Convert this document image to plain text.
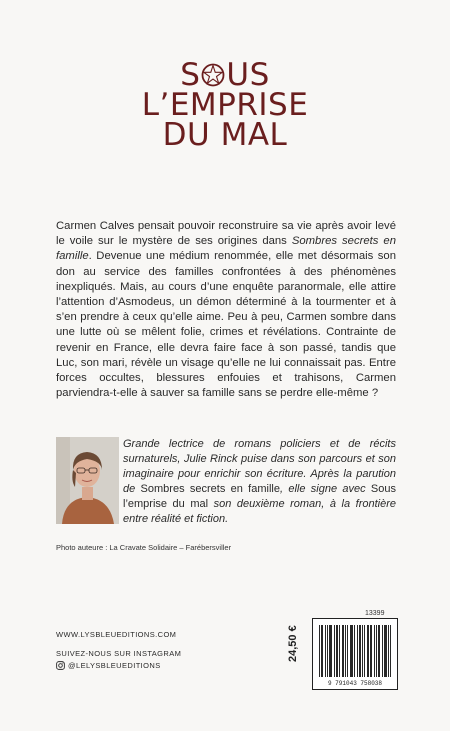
S US
L’EMPRISE
DU MAL

Carmen Calves pensait pouvoir reconstruire sa vie après avoir levé le voile sur le mystère de ses origines dans Sombres secrets en famille. Devenue une médium renommée, elle met désormais son don au service des familles confrontées à des phénomènes inexpliqués. Mais, au cours d’une enquête paranormale, elle attire l’attention d’Asmodeus, un démon déterminé à la tourmenter et à s’en prendre à ceux qu’elle aime. Peu à peu, Carmen sombre dans une lutte où se mêlent folie, crimes et révélations. Contrainte de revenir en France, elle devra faire face à son passé, tandis que Luc, son mari, révèle un visage qu’elle ne lui connaissait pas. Entre forces occultes, blessures enfouies et trahisons, Carmen parviendra-t-elle à sauver sa famille sans se perdre elle-même ?

Grande lectrice de romans policiers et de récits surnaturels, Julie Rinck puise dans son parcours et son imaginaire pour enrichir son écriture. Après la parution de Sombres secrets en famille, elle signe avec Sous l’emprise du mal son deuxième roman, à la frontière entre réalité et fiction.

Photo auteure : La Cravate Solidaire – Farébersviller
13399
9 791043 758038
24,50 €
WWW.LYSBLEUEDITIONS.COM
SUIVEZ-NOUS SUR INSTAGRAM
@LELYSBLEUEDITIONS
